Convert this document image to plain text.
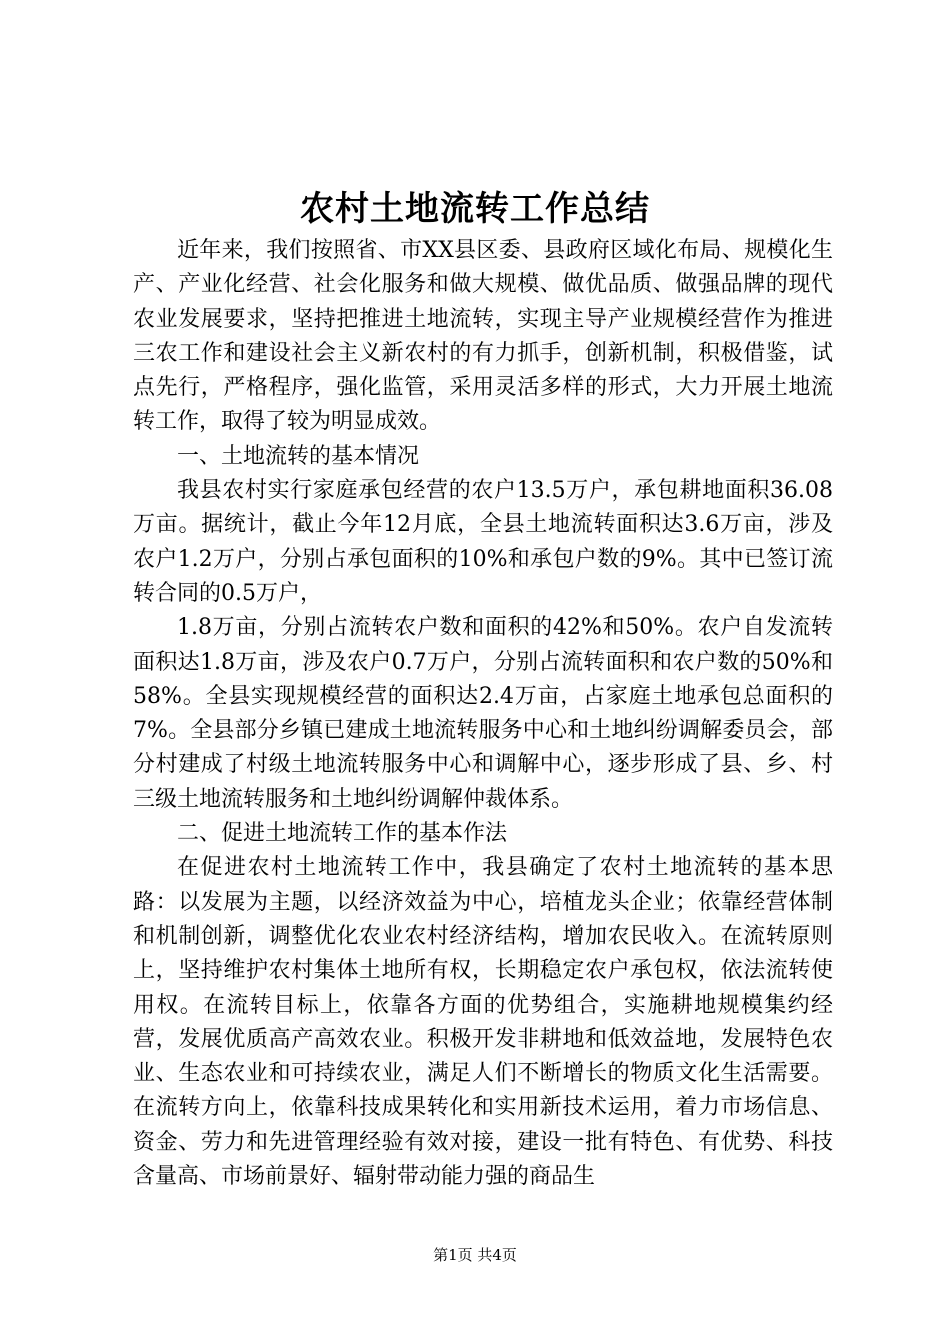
农村土地流转工作总结

近年来，我们按照省、市XX县区委、县政府区域化布局、规模化生产、产业化经营、社会化服务和做大规模、做优品质、做强品牌的现代农业发展要求，坚持把推进土地流转，实现主导产业规模经营作为推进三农工作和建设社会主义新农村的有力抓手，创新机制，积极借鉴，试点先行，严格程序，强化监管，采用灵活多样的形式，大力开展土地流转工作，取得了较为明显成效。

一、土地流转的基本情况

我县农村实行家庭承包经营的农户13.5万户，承包耕地面积36.08万亩。据统计，截止今年12月底，全县土地流转面积达3.6万亩，涉及农户1.2万户，分别占承包面积的10%和承包户数的9%。其中已签订流转合同的0.5万户，

1.8万亩，分别占流转农户数和面积的42%和50%。农户自发流转面积达1.8万亩，涉及农户0.7万户，分别占流转面积和农户数的50%和58%。全县实现规模经营的面积达2.4万亩，占家庭土地承包总面积的7%。全县部分乡镇已建成土地流转服务中心和土地纠纷调解委员会，部分村建成了村级土地流转服务中心和调解中心，逐步形成了县、乡、村三级土地流转服务和土地纠纷调解仲裁体系。

二、促进土地流转工作的基本作法

在促进农村土地流转工作中，我县确定了农村土地流转的基本思路：以发展为主题，以经济效益为中心，培植龙头企业；依靠经营体制和机制创新，调整优化农业农村经济结构，增加农民收入。在流转原则上，坚持维护农村集体土地所有权，长期稳定农户承包权，依法流转使用权。在流转目标上，依靠各方面的优势组合，实施耕地规模集约经营，发展优质高产高效农业。积极开发非耕地和低效益地，发展特色农业、生态农业和可持续农业，满足人们不断增长的物质文化生活需要。在流转方向上，依靠科技成果转化和实用新技术运用，着力市场信息、资金、劳力和先进管理经验有效对接，建设一批有特色、有优势、科技含量高、市场前景好、辐射带动能力强的商品生

第1页 共4页
